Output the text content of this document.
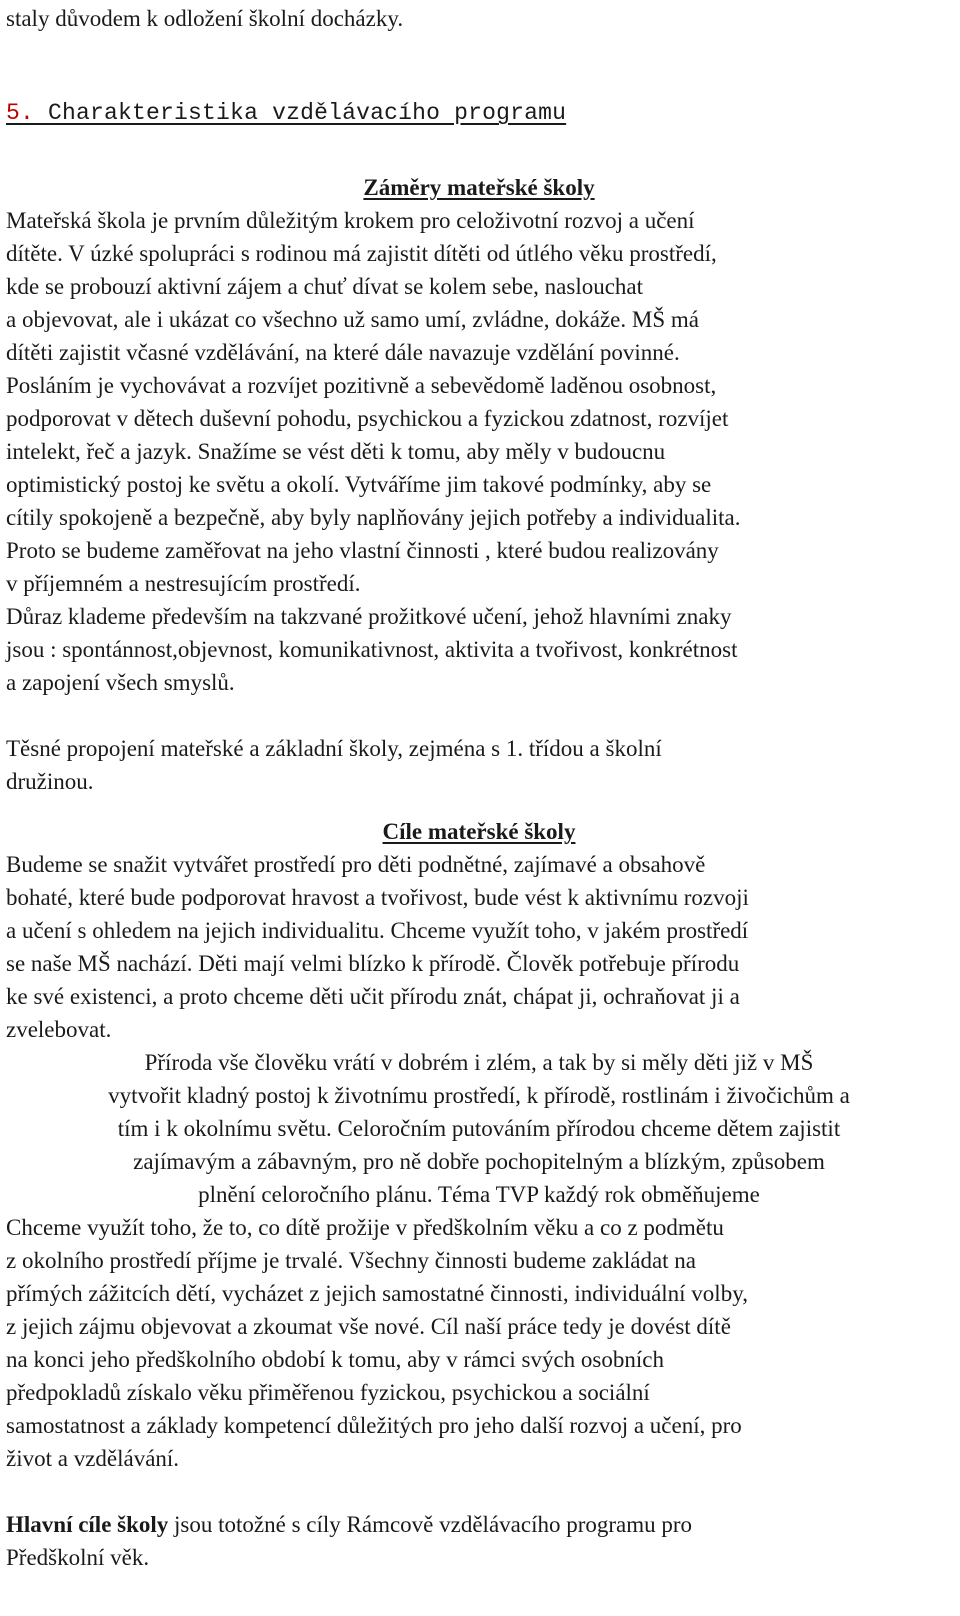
staly důvodem k odložení školní docházky.
5. Charakteristika vzdělávacího programu
Záměry mateřské školy
Mateřská škola je prvním důležitým krokem pro celoživotní rozvoj a učení
dítěte. V úzké spolupráci s rodinou má zajistit dítěti od útlého věku prostředí,
kde se probouzí aktivní zájem a chuť dívat se kolem sebe, naslouchat
a objevovat, ale i ukázat co všechno už samo umí, zvládne, dokáže. MŠ má
dítěti zajistit včasné vzdělávání, na které dále navazuje vzdělání povinné.
Posláním je vychovávat a rozvíjet pozitivně a sebevědomě laděnou osobnost,
podporovat v dětech duševní pohodu, psychickou a fyzickou zdatnost, rozvíjet
intelekt, řeč a jazyk. Snažíme se vést děti k tomu, aby měly v budoucnu
optimistický postoj ke světu a okolí. Vytváříme jim takové podmínky, aby se
cítily spokojeně a bezpečně, aby byly naplňovány jejich potřeby a individualita.
Proto se budeme zaměřovat na jeho vlastní činnosti , které budou realizovány
v příjemném a nestresujícím prostředí.
Důraz klademe především na takzvané prožitkové učení, jehož hlavními znaky
jsou : spontánnost,objevnost, komunikativnost, aktivita a tvořivost, konkrétnost
a zapojení všech smyslů.
Těsné propojení mateřské a základní školy, zejména s 1. třídou a školní
družinou.
Cíle mateřské školy
Budeme se snažit vytvářet prostředí pro děti podnětné, zajímavé a obsahově
bohaté, které bude podporovat hravost a tvořivost, bude vést k aktivnímu rozvoji
a učení s ohledem na jejich individualitu. Chceme využít toho, v jakém prostředí
se naše MŠ nachází. Děti mají velmi blízko k přírodě. Člověk potřebuje přírodu
ke své existenci, a proto chceme děti učit přírodu znát, chápat ji, ochraňovat ji a
zvelebovat.
Příroda vše člověku vrátí v dobrém i zlém, a tak by si měly děti již v MŠ
vytvořit kladný postoj k životnímu prostředí, k přírodě, rostlinám i živočichům a
tím i k okolnímu světu. Celoročním putováním přírodou chceme dětem zajistit
zajímavým a zábavným, pro ně dobře pochopitelným a blízkým, způsobem
plnění celoročního plánu. Téma TVP každý rok obměňujeme
Chceme využít toho, že to, co dítě prožije v předškolním věku a co z podmětu
z okolního prostředí příjme je trvalé. Všechny činnosti budeme zakládat na
přímých zážitcích dětí, vycházet z jejich samostatné činnosti, individuální volby,
z jejich zájmu objevovat a zkoumat vše nové. Cíl naší práce tedy je dovést dítě
na konci jeho předškolního období k tomu, aby v rámci svých osobních
předpokladů získalo věku přiměřenou fyzickou, psychickou a sociální
samostatnost a základy kompetencí důležitých pro jeho další rozvoj a učení, pro
život a vzdělávání.
Hlavní cíle školy jsou totožné s cíly Rámcově vzdělávacího programu pro
Předškolní věk.
